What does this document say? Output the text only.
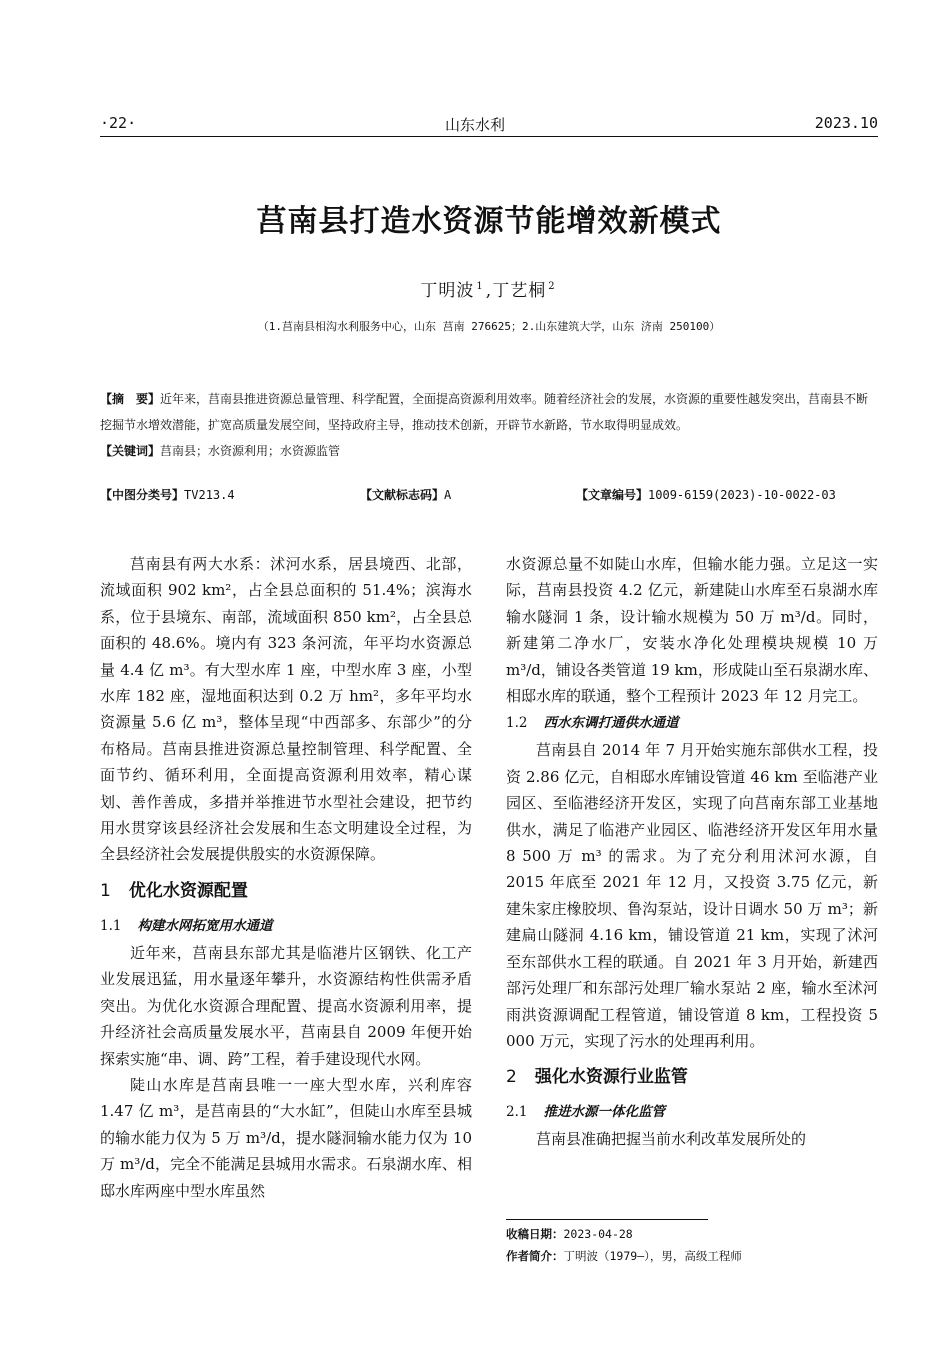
·22·	山东水利	2023.10
莒南县打造水资源节能增效新模式
丁明波 $^1$ ,丁艺桐 $^2$
（1.莒南县相沟水利服务中心，山东 莒南 276625；2.山东建筑大学，山东 济南 250100）
【摘　要】近年来，莒南县推进资源总量管理、科学配置，全面提高资源利用效率。随着经济社会的发展，水资源的重要性越发突出，莒南县不断挖掘节水增效潜能，扩宽高质量发展空间，坚持政府主导，推动技术创新，开辟节水新路，节水取得明显成效。
【关键词】莒南县；水资源利用；水资源监管
【中图分类号】TV213.4	【文献标志码】A	【文章编号】1009-6159(2023)-10-0022-03

莒南县有两大水系：沭河水系，居县境西、北部，流域面积 902 km²，占全县总面积的 51.4%；滨海水系，位于县境东、南部，流域面积 850 km²，占全县总面积的 48.6%。境内有 323 条河流，年平均水资源总量 4.4 亿 m³。有大型水库 1 座，中型水库 3 座，小型水库 182 座，湿地面积达到 0.2 万 hm²，多年平均水资源量 5.6 亿 m³，整体呈现“中西部多、东部少”的分布格局。莒南县推进资源总量控制管理、科学配置、全面节约、循环利用，全面提高资源利用效率，精心谋划、善作善成，多措并举推进节水型社会建设，把节约用水贯穿该县经济社会发展和生态文明建设全过程，为全县经济社会发展提供殷实的水资源保障。

1 优化水资源配置
1.1 构建水网拓宽用水通道

近年来，莒南县东部尤其是临港片区钢铁、化工产业发展迅猛，用水量逐年攀升，水资源结构性供需矛盾突出。为优化水资源合理配置、提高水资源利用率，提升经济社会高质量发展水平，莒南县自 2009 年便开始探索实施“串、调、跨”工程，着手建设现代水网。

陡山水库是莒南县唯一一座大型水库，兴利库容 1.47 亿 m³，是莒南县的“大水缸”，但陡山水库至县城的输水能力仅为 5 万 m³/d，提水隧洞输水能力仅为 10 万 m³/d，完全不能满足县城用水需求。石泉湖水库、相邸水库两座中型水库虽然

水资源总量不如陡山水库，但输水能力强。立足这一实际，莒南县投资 4.2 亿元，新建陡山水库至石泉湖水库输水隧洞 1 条，设计输水规模为 50 万 m³/d。同时，新建第二净水厂，安装水净化处理模块规模 10 万 m³/d，铺设各类管道 19 km，形成陡山至石泉湖水库、相邸水库的联通，整个工程预计 2023 年 12 月完工。

1.2 西水东调打通供水通道

莒南县自 2014 年 7 月开始实施东部供水工程，投资 2.86 亿元，自相邸水库铺设管道 46 km 至临港产业园区、至临港经济开发区，实现了向莒南东部工业基地供水，满足了临港产业园区、临港经济开发区年用水量 8 500 万 m³ 的需求。为了充分利用沭河水源，自 2015 年底至 2021 年 12 月，又投资 3.75 亿元，新建朱家庄橡胶坝、鲁沟泵站，设计日调水 50 万 m³；新建扁山隧洞 4.16 km，铺设管道 21 km，实现了沭河至东部供水工程的联通。自 2021 年 3 月开始，新建西部污处理厂和东部污处理厂输水泵站 2 座，输水至沭河雨洪资源调配工程管道，铺设管道 8 km，工程投资 5 000 万元，实现了污水的处理再利用。

2 强化水资源行业监管
2.1 推进水源一体化监管

莒南县准确把握当前水利改革发展所处的

收稿日期：2023-04-28
作者简介：丁明波（1979—），男，高级工程师
